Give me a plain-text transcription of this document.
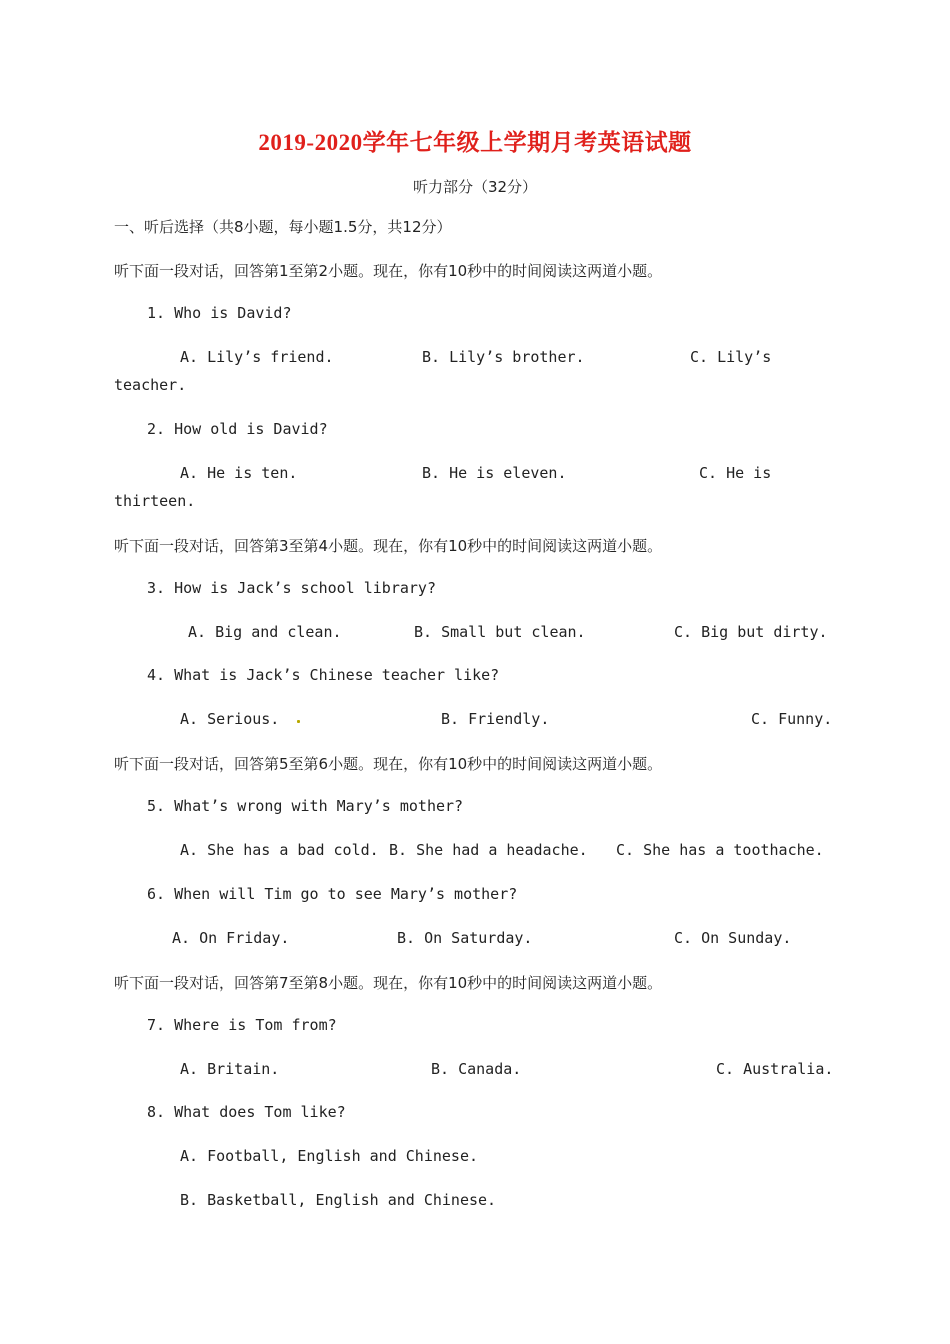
2019-2020学年七年级上学期月考英语试题
听力部分（32分）
一、听后选择（共8小题，每小题1.5分，共12分）
听下面一段对话，回答第1至第2小题。现在，你有10秒中的时间阅读这两道小题。
1. Who is David?
A. Lily’s friend.	B. Lily’s brother.	C. Lily’s
teacher.
2. How old is David?
A. He is ten.	B. He is eleven.	C. He is
thirteen.
听下面一段对话，回答第3至第4小题。现在，你有10秒中的时间阅读这两道小题。
3. How is Jack’s school library?
A. Big and clean.	B. Small but clean.	C. Big but dirty.
4. What is Jack’s Chinese teacher like?
A. Serious.	B. Friendly.	C. Funny.
听下面一段对话，回答第5至第6小题。现在，你有10秒中的时间阅读这两道小题。
5. What’s wrong with Mary’s mother?
A. She has a bad cold. B. She had a headache. C. She has a toothache.
6. When will Tim go to see Mary’s mother?
A. On Friday.	B. On Saturday.	C. On Sunday.
听下面一段对话，回答第7至第8小题。现在，你有10秒中的时间阅读这两道小题。
7. Where is Tom from?
A. Britain.	B. Canada.	C. Australia.
8. What does Tom like?
A. Football, English and Chinese.
B. Basketball, English and Chinese.
